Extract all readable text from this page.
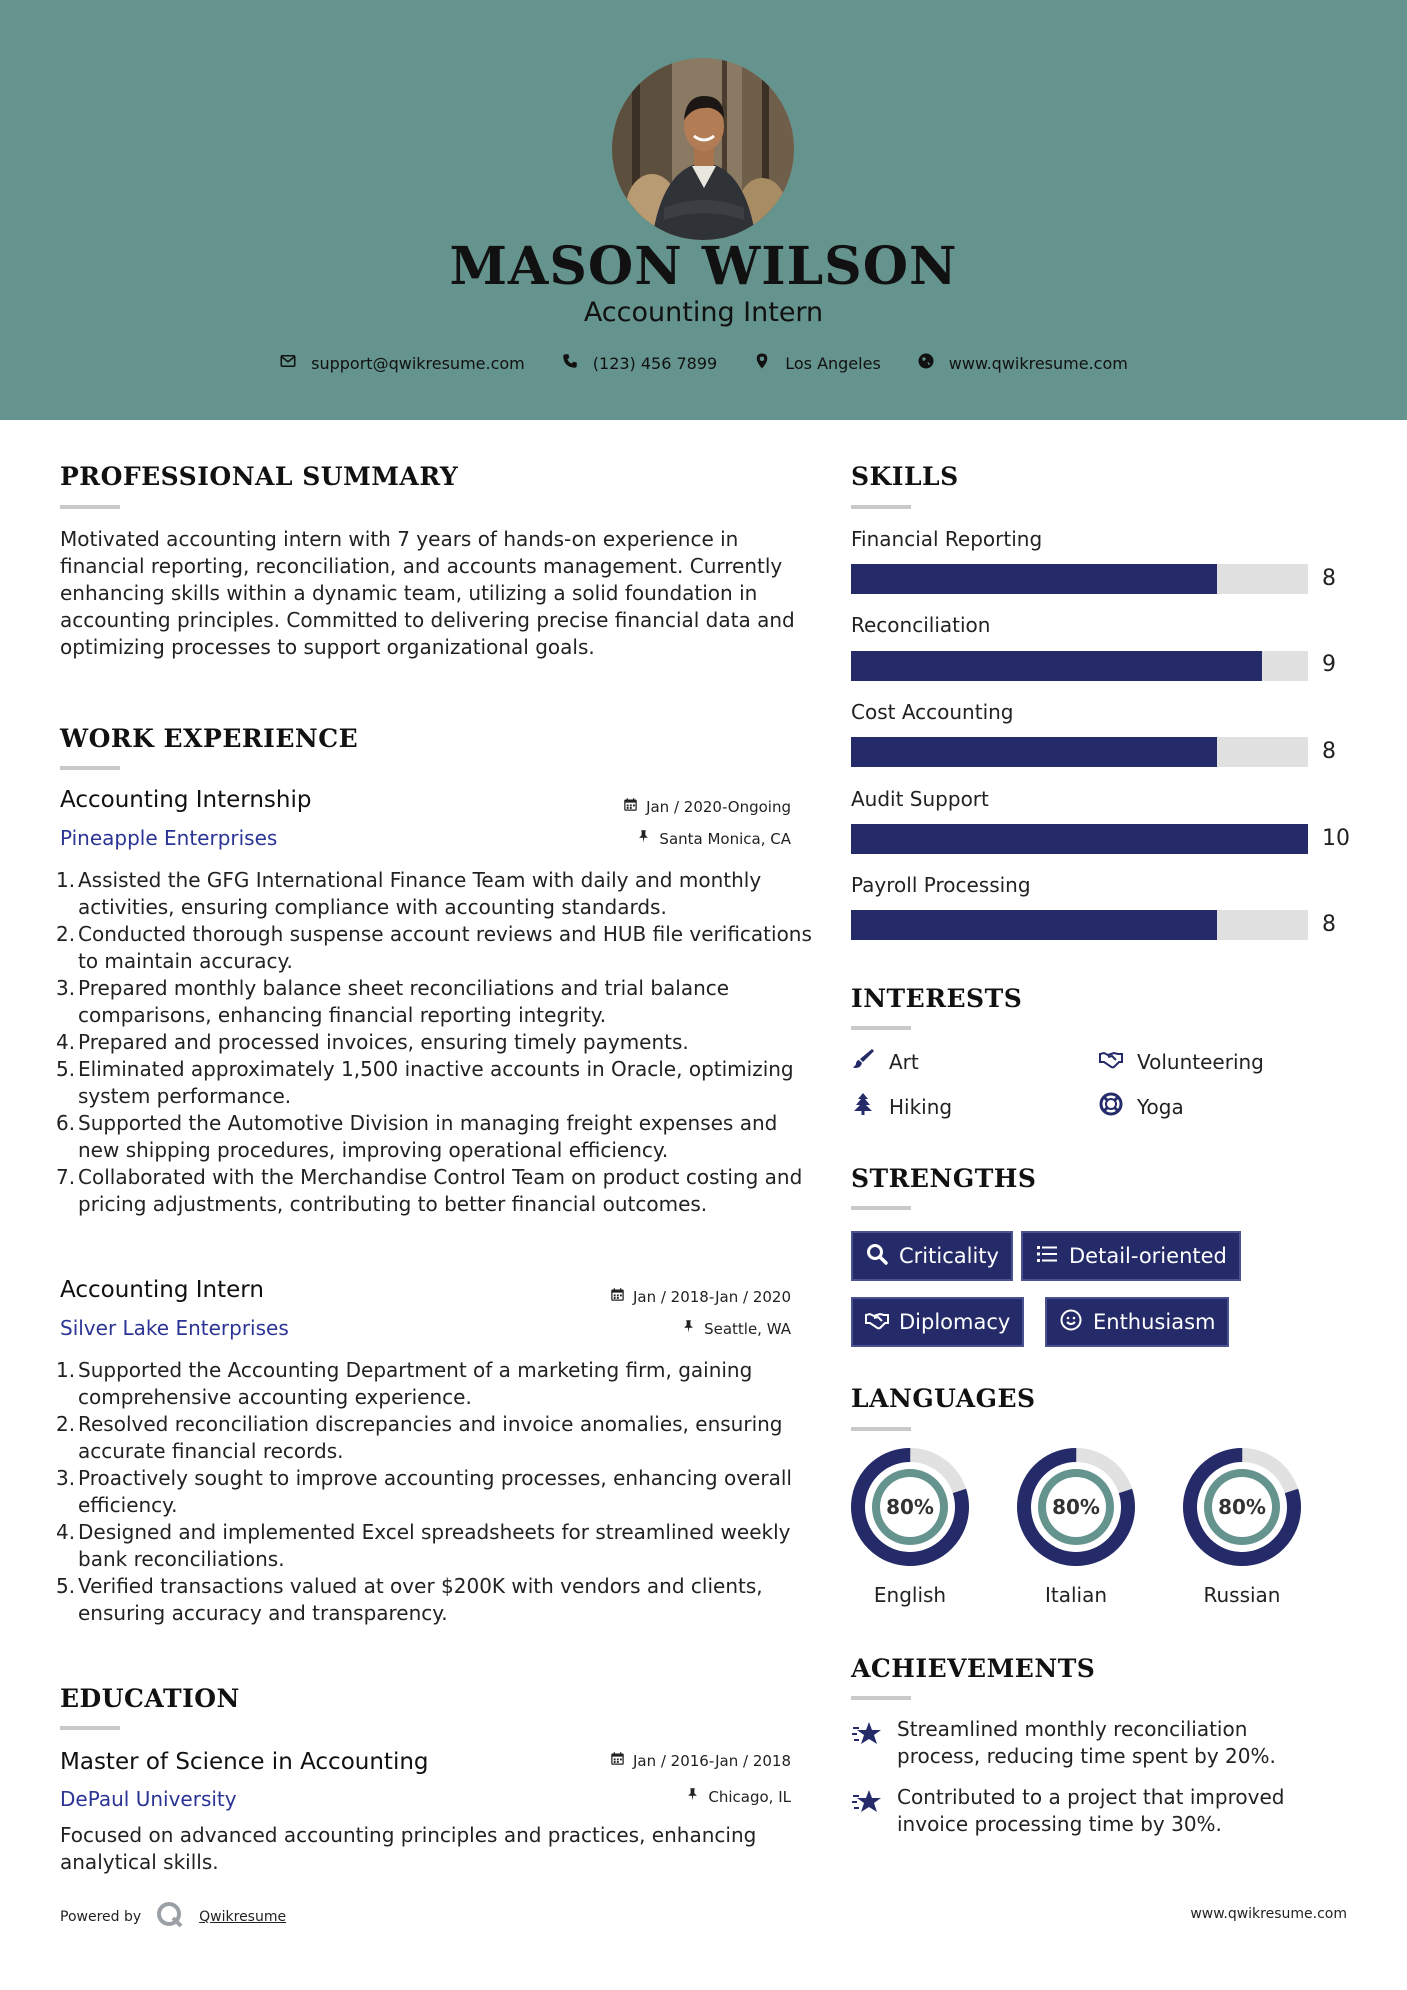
MASON WILSON
Accounting Intern
support@qwikresume.com	(123) 456 7899	Los Angeles	www.qwikresume.com
PROFESSIONAL SUMMARY
Motivated accounting intern with 7 years of hands-on experience in financial reporting, reconciliation, and accounts management. Currently enhancing skills within a dynamic team, utilizing a solid foundation in accounting principles. Committed to delivering precise financial data and optimizing processes to support organizational goals.
WORK EXPERIENCE
Accounting Internship	Jan / 2020-Ongoing
Pineapple Enterprises	Santa Monica, CA
1. Assisted the GFG International Finance Team with daily and monthly activities, ensuring compliance with accounting standards.
2. Conducted thorough suspense account reviews and HUB file verifications to maintain accuracy.
3. Prepared monthly balance sheet reconciliations and trial balance comparisons, enhancing financial reporting integrity.
4. Prepared and processed invoices, ensuring timely payments.
5. Eliminated approximately 1,500 inactive accounts in Oracle, optimizing system performance.
6. Supported the Automotive Division in managing freight expenses and new shipping procedures, improving operational efficiency.
7. Collaborated with the Merchandise Control Team on product costing and pricing adjustments, contributing to better financial outcomes.
Accounting Intern	Jan / 2018-Jan / 2020
Silver Lake Enterprises	Seattle, WA
1. Supported the Accounting Department of a marketing firm, gaining comprehensive accounting experience.
2. Resolved reconciliation discrepancies and invoice anomalies, ensuring accurate financial records.
3. Proactively sought to improve accounting processes, enhancing overall efficiency.
4. Designed and implemented Excel spreadsheets for streamlined weekly bank reconciliations.
5. Verified transactions valued at over $200K with vendors and clients, ensuring accuracy and transparency.
EDUCATION
Master of Science in Accounting	Jan / 2016-Jan / 2018
DePaul University	Chicago, IL
Focused on advanced accounting principles and practices, enhancing analytical skills.
SKILLS
Financial Reporting
8
Reconciliation
9
Cost Accounting
8
Audit Support
10
Payroll Processing
8
INTERESTS
Art	Volunteering
Hiking	Yoga
STRENGTHS
Criticality	Detail-oriented
Diplomacy	Enthusiasm
LANGUAGES
80%
English
80%
Italian
80%
Russian
ACHIEVEMENTS
Streamlined monthly reconciliation process, reducing time spent by 20%.
Contributed to a project that improved invoice processing time by 30%.
Powered by	Qwikresume	www.qwikresume.com
